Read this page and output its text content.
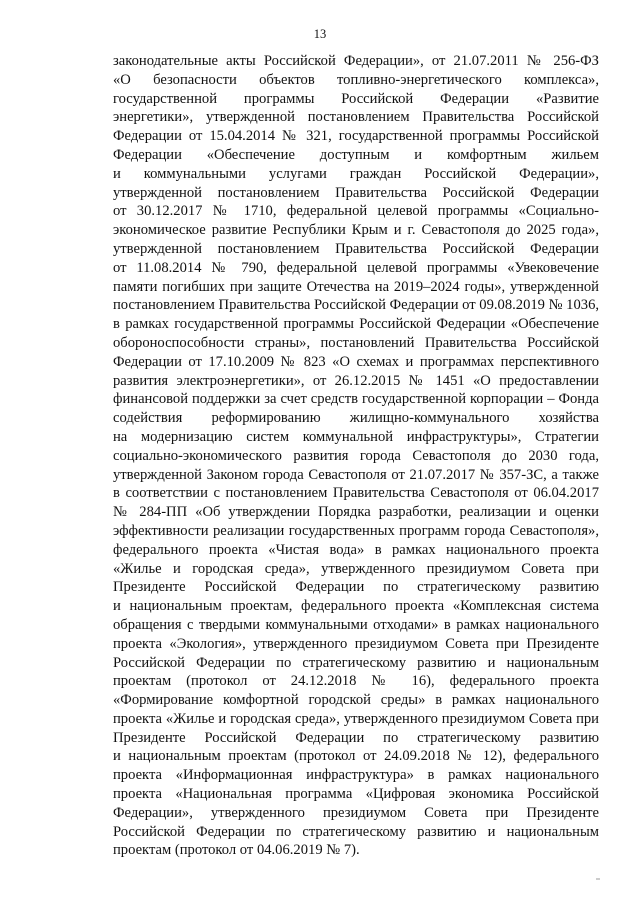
13
законодательные акты Российской Федерации», от 21.07.2011 № 256-ФЗ
«О безопасности объектов топливно-энергетического комплекса»,
государственной программы Российской Федерации «Развитие
энергетики», утвержденной постановлением Правительства Российской
Федерации от 15.04.2014 № 321, государственной программы Российской
Федерации «Обеспечение доступным и комфортным жильем
и коммунальными услугами граждан Российской Федерации»,
утвержденной постановлением Правительства Российской Федерации
от 30.12.2017 № 1710, федеральной целевой программы «Социально-
экономическое развитие Республики Крым и г. Севастополя до 2025 года»,
утвержденной постановлением Правительства Российской Федерации
от 11.08.2014 № 790, федеральной целевой программы «Увековечение
памяти погибших при защите Отечества на 2019–2024 годы», утвержденной
постановлением Правительства Российской Федерации от 09.08.2019 № 1036,
в рамках государственной программы Российской Федерации «Обеспечение
обороноспособности страны», постановлений Правительства Российской
Федерации от 17.10.2009 № 823 «О схемах и программах перспективного
развития электроэнергетики», от 26.12.2015 № 1451 «О предоставлении
финансовой поддержки за счет средств государственной корпорации – Фонда
содействия реформированию жилищно-коммунального хозяйства
на модернизацию систем коммунальной инфраструктуры», Стратегии
социально-экономического развития города Севастополя до 2030 года,
утвержденной Законом города Севастополя от 21.07.2017 № 357-ЗС, а также
в соответствии с постановлением Правительства Севастополя от 06.04.2017
№ 284-ПП «Об утверждении Порядка разработки, реализации и оценки
эффективности реализации государственных программ города Севастополя»,
федерального проекта «Чистая вода» в рамках национального проекта
«Жилье и городская среда», утвержденного президиумом Совета при
Президенте Российской Федерации по стратегическому развитию
и национальным проектам, федерального проекта «Комплексная система
обращения с твердыми коммунальными отходами» в рамках национального
проекта «Экология», утвержденного президиумом Совета при Президенте
Российской Федерации по стратегическому развитию и национальным
проектам (протокол от 24.12.2018 № 16), федерального проекта
«Формирование комфортной городской среды» в рамках национального
проекта «Жилье и городская среда», утвержденного президиумом Совета при
Президенте Российской Федерации по стратегическому развитию
и национальным проектам (протокол от 24.09.2018 № 12), федерального
проекта «Информационная инфраструктура» в рамках национального
проекта «Национальная программа «Цифровая экономика Российской
Федерации», утвержденного президиумом Совета при Президенте
Российской Федерации по стратегическому развитию и национальным
проектам (протокол от 04.06.2019 № 7).
